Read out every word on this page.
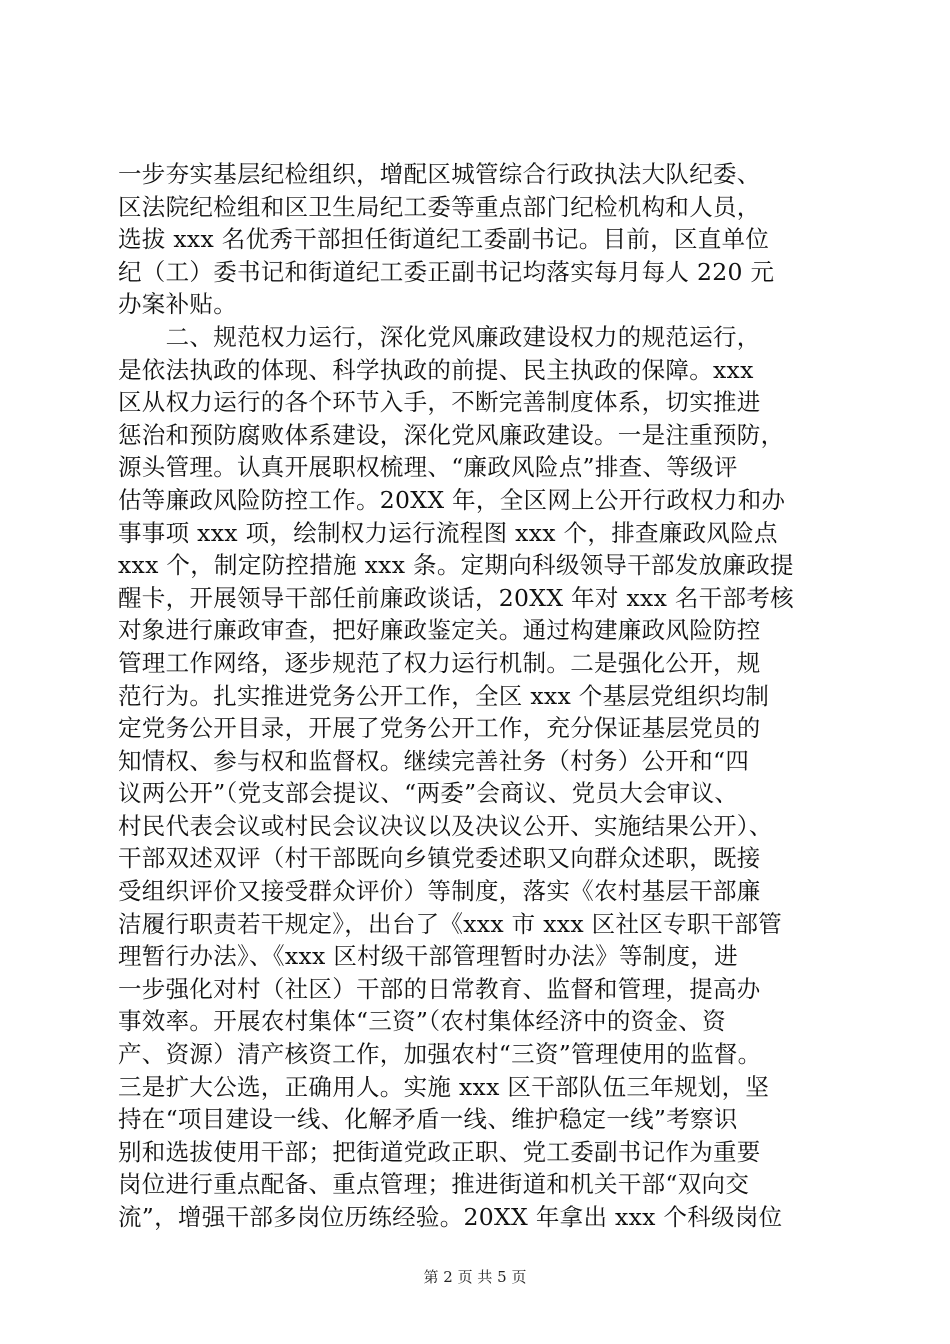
一步夯实基层纪检组织，增配区城管综合行政执法大队纪委、
区法院纪检组和区卫生局纪工委等重点部门纪检机构和人员，
选拔 xxx 名优秀干部担任街道纪工委副书记。目前，区直单位
纪（工）委书记和街道纪工委正副书记均落实每月每人 220 元
办案补贴。
　　二、规范权力运行，深化党风廉政建设权力的规范运行，
是依法执政的体现、科学执政的前提、民主执政的保障。xxx
区从权力运行的各个环节入手，不断完善制度体系，切实推进
惩治和预防腐败体系建设，深化党风廉政建设。一是注重预防，
源头管理。认真开展职权梳理、“廉政风险点”排查、等级评
估等廉政风险防控工作。20XX 年，全区网上公开行政权力和办
事事项 xxx 项，绘制权力运行流程图 xxx 个，排查廉政风险点
xxx 个，制定防控措施 xxx 条。定期向科级领导干部发放廉政提
醒卡，开展领导干部任前廉政谈话，20XX 年对 xxx 名干部考核
对象进行廉政审查，把好廉政鉴定关。通过构建廉政风险防控
管理工作网络，逐步规范了权力运行机制。二是强化公开，规
范行为。扎实推进党务公开工作，全区 xxx 个基层党组织均制
定党务公开目录，开展了党务公开工作，充分保证基层党员的
知情权、参与权和监督权。继续完善社务（村务）公开和“四
议两公开”（党支部会提议、“两委”会商议、党员大会审议、
村民代表会议或村民会议决议以及决议公开、实施结果公开）、
干部双述双评（村干部既向乡镇党委述职又向群众述职，既接
受组织评价又接受群众评价）等制度，落实《农村基层干部廉
洁履行职责若干规定》，出台了《xxx 市 xxx 区社区专职干部管
理暂行办法》、《xxx 区村级干部管理暂时办法》等制度，进
一步强化对村（社区）干部的日常教育、监督和管理，提高办
事效率。开展农村集体“三资”（农村集体经济中的资金、资
产、资源）清产核资工作，加强农村“三资”管理使用的监督。
三是扩大公选，正确用人。实施 xxx 区干部队伍三年规划，坚
持在“项目建设一线、化解矛盾一线、维护稳定一线”考察识
别和选拔使用干部；把街道党政正职、党工委副书记作为重要
岗位进行重点配备、重点管理；推进街道和机关干部“双向交
流”，增强干部多岗位历练经验。20XX 年拿出 xxx 个科级岗位
第 2 页 共 5 页
